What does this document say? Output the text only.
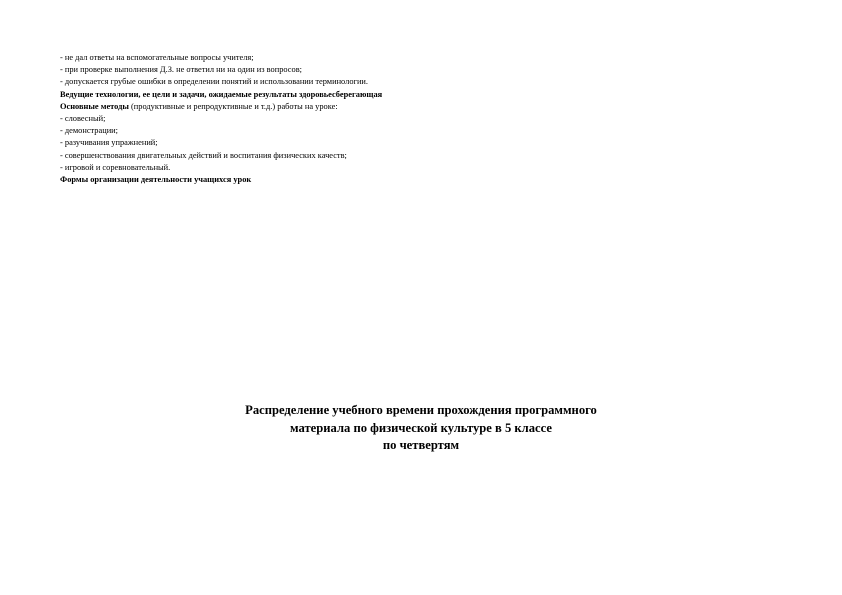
- не дал ответы на вспомогательные вопросы учителя;
- при проверке выполнения Д.З. не ответил ни на один из вопросов;
- допускается грубые ошибки в определении понятий и использовании терминологии.
Ведущие технологии, ее цели и задачи, ожидаемые результаты здоровьесберегающая
Основные методы (продуктивные и репродуктивные и т.д.) работы на уроке:
- словесный;
- демонстрации;
- разучивания упражнений;
- совершенствования двигательных действий и воспитания физических качеств;
- игровой и соревновательный.
Формы организации деятельности учащихся урок
Распределение учебного времени прохождения программного
материала по физической культуре в 5 классе
по четвертям
